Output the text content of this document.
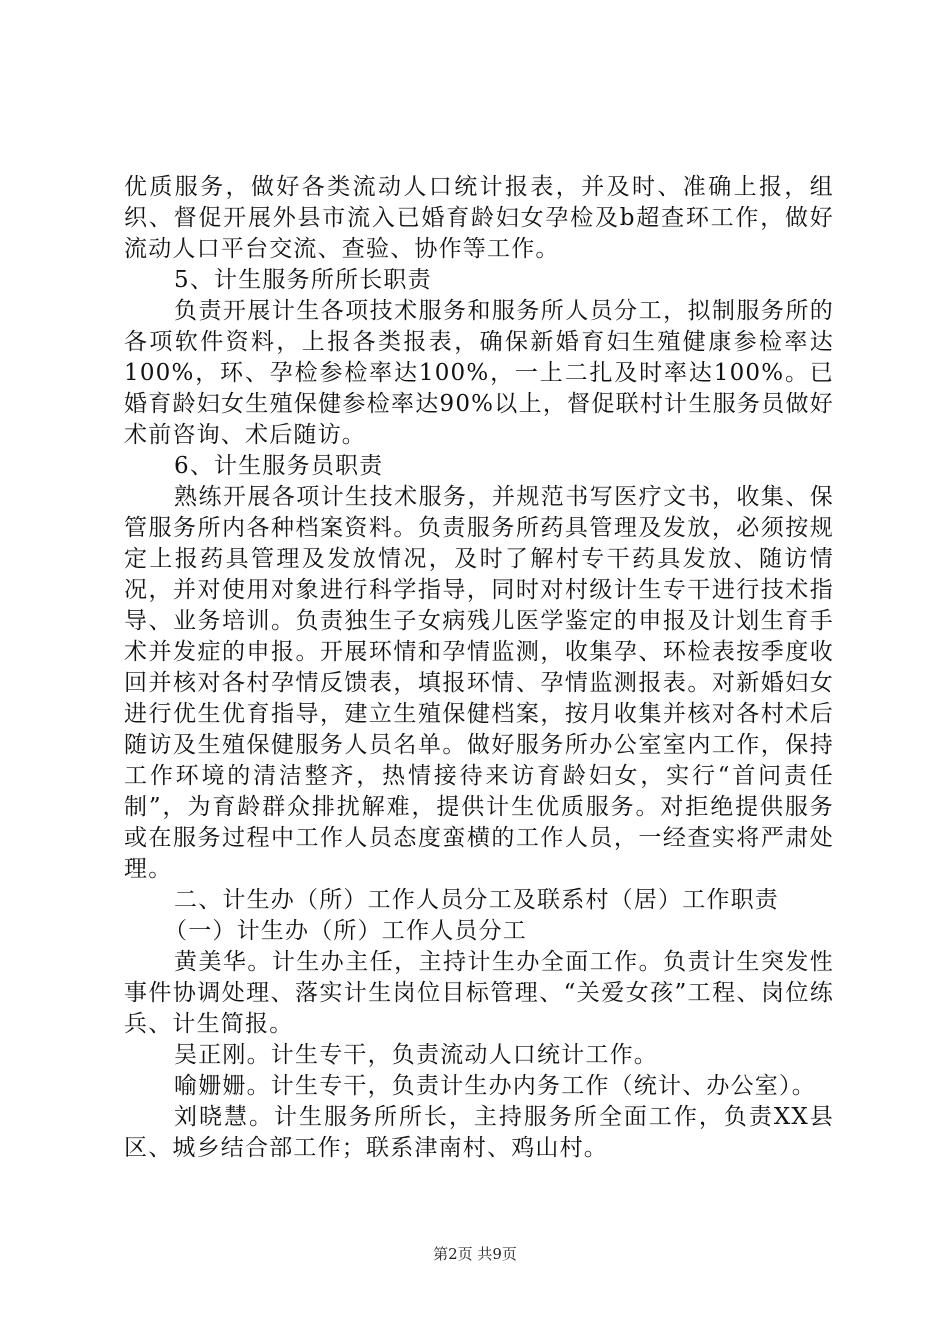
优质服务，做好各类流动人口统计报表，并及时、准确上报，组织、督促开展外县市流入已婚育龄妇女孕检及b超查环工作，做好流动人口平台交流、查验、协作等工作。

5、计生服务所所长职责

负责开展计生各项技术服务和服务所人员分工，拟制服务所的各项软件资料，上报各类报表，确保新婚育妇生殖健康参检率达100%，环、孕检参检率达100%，一上二扎及时率达100%。已婚育龄妇女生殖保健参检率达90%以上，督促联村计生服务员做好术前咨询、术后随访。

6、计生服务员职责

熟练开展各项计生技术服务，并规范书写医疗文书，收集、保管服务所内各种档案资料。负责服务所药具管理及发放，必须按规定上报药具管理及发放情况，及时了解村专干药具发放、随访情况，并对使用对象进行科学指导，同时对村级计生专干进行技术指导、业务培训。负责独生子女病残儿医学鉴定的申报及计划生育手术并发症的申报。开展环情和孕情监测，收集孕、环检表按季度收回并核对各村孕情反馈表，填报环情、孕情监测报表。对新婚妇女进行优生优育指导，建立生殖保健档案，按月收集并核对各村术后随访及生殖保健服务人员名单。做好服务所办公室室内工作，保持工作环境的清洁整齐，热情接待来访育龄妇女，实行“首问责任制”，为育龄群众排扰解难，提供计生优质服务。对拒绝提供服务或在服务过程中工作人员态度蛮横的工作人员，一经查实将严肃处理。

二、计生办（所）工作人员分工及联系村（居）工作职责

（一）计生办（所）工作人员分工

黄美华。计生办主任，主持计生办全面工作。负责计生突发性事件协调处理、落实计生岗位目标管理、“关爱女孩”工程、岗位练兵、计生简报。

吴正刚。计生专干，负责流动人口统计工作。

喻姗姗。计生专干，负责计生办内务工作（统计、办公室）。

刘晓慧。计生服务所所长，主持服务所全面工作，负责XX县区、城乡结合部工作；联系津南村、鸡山村。

第2页 共9页
